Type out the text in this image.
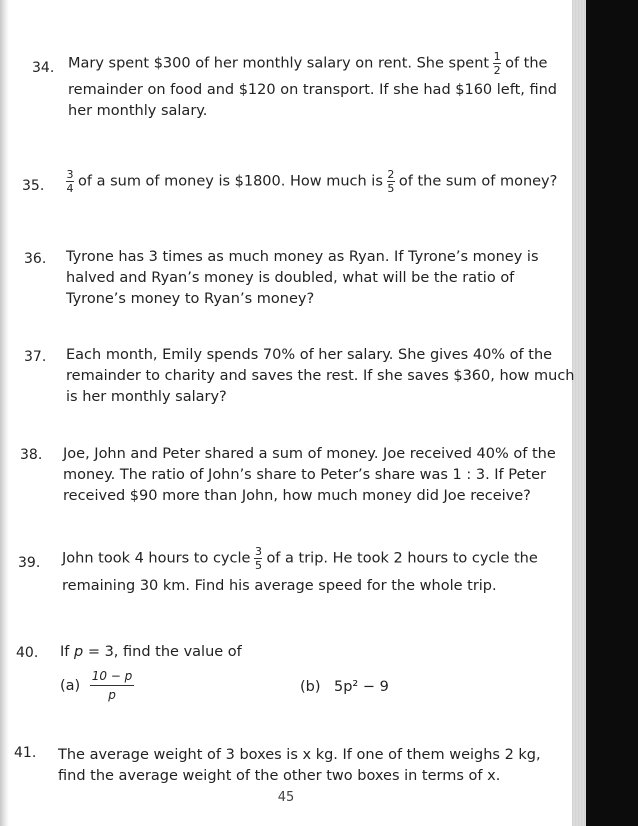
34. Mary spent $300 of her monthly salary on rent. She spent $\frac{1}{2}$ of the
remainder on food and $120 on transport. If she had $160 left, find
her monthly salary.
35. $\frac{3}{4}$ of a sum of money is $1800. How much is $\frac{2}{5}$ of the sum of money?
36. Tyrone has 3 times as much money as Ryan. If Tyrone’s money is
halved and Ryan’s money is doubled, what will be the ratio of
Tyrone’s money to Ryan’s money?
37. Each month, Emily spends 70% of her salary. She gives 40% of the
remainder to charity and saves the rest. If she saves $360, how much
is her monthly salary?
38. Joe, John and Peter shared a sum of money. Joe received 40% of the
money. The ratio of John’s share to Peter’s share was 1 : 3. If Peter
received $90 more than John, how much money did Joe receive?
39. John took 4 hours to cycle $\frac{3}{5}$ of a trip. He took 2 hours to cycle the
remaining 30 km. Find his average speed for the whole trip.
40. If p = 3, find the value of
(a)
10 − p
p	(b) 5p² − 9
41. The average weight of 3 boxes is x kg. If one of them weighs 2 kg,
find the average weight of the other two boxes in terms of x.
45
